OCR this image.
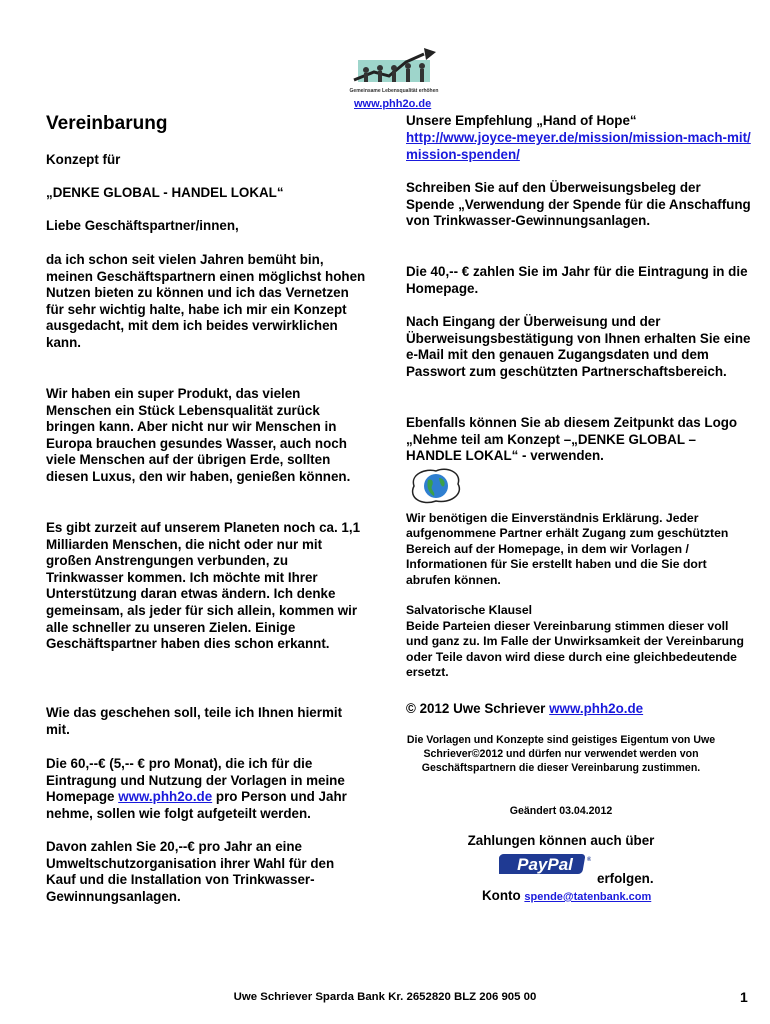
Gemeinsame Lebensqualität erhöhen
www.phh2o.de
Vereinbarung
Konzept für
„DENKE GLOBAL - HANDEL LOKAL“
Liebe Geschäftspartner/innen,

da ich schon seit vielen Jahren bemüht bin, meinen Geschäftspartnern einen möglichst hohen Nutzen bieten zu können und ich das Vernetzen für sehr wichtig halte, habe ich mir ein Konzept ausgedacht, mit dem ich beides verwirklichen kann.

Wir haben ein super Produkt, das vielen Menschen ein Stück Lebensqualität zurück bringen kann. Aber nicht nur wir Menschen in Europa brauchen gesundes Wasser, auch noch viele Menschen auf der übrigen Erde, sollten diesen Luxus, den wir haben, genießen können.

Es gibt zurzeit auf unserem Planeten noch ca. 1,1 Milliarden Menschen, die nicht oder nur mit großen Anstrengungen verbunden, zu Trinkwasser kommen. Ich möchte mit Ihrer Unterstützung daran etwas ändern. Ich denke gemeinsam, als jeder für sich allein, kommen wir alle schneller zu unseren Zielen. Einige Geschäftspartner haben dies schon erkannt.

Wie das geschehen soll, teile ich Ihnen hiermit mit.

Die 60,--€ (5,-- € pro Monat), die ich für die Eintragung und Nutzung der Vorlagen in meine Homepage www.phh2o.de pro Person und Jahr nehme, sollen wie folgt aufgeteilt werden.

Davon zahlen Sie 20,--€ pro Jahr an eine Umweltschutzorganisation ihrer Wahl für den Kauf und die Installation von Trinkwasser-Gewinnungsanlagen.

Unsere Empfehlung „Hand of Hope“
http://www.joyce-meyer.de/mission/mission-mach-mit/mission-spenden/

Schreiben Sie auf den Überweisungsbeleg der Spende „Verwendung der Spende für die Anschaffung von Trinkwasser-Gewinnungsanlagen.

Die 40,-- € zahlen Sie im Jahr für die Eintragung in die Homepage.

Nach Eingang der Überweisung und der Überweisungsbestätigung von Ihnen erhalten Sie eine e-Mail mit den genauen Zugangsdaten und dem Passwort zum geschützten Partnerschaftsbereich.

Ebenfalls können Sie ab diesem Zeitpunkt das Logo „Nehme teil am Konzept –„DENKE GLOBAL – HANDLE LOKAL“ - verwenden.

Wir benötigen die Einverständnis Erklärung. Jeder aufgenommene Partner erhält Zugang zum geschützten Bereich auf der Homepage, in dem wir Vorlagen / Informationen für Sie erstellt haben und die Sie dort abrufen können.

Salvatorische Klausel

Beide Parteien dieser Vereinbarung stimmen dieser voll und ganz zu. Im Falle der Unwirksamkeit der Vereinbarung oder Teile davon wird diese durch eine gleichbedeutende ersetzt.

© 2012 Uwe Schriever www.phh2o.de

Die Vorlagen und Konzepte sind geistiges Eigentum von Uwe Schriever©2012 und dürfen nur verwendet werden von Geschäftspartnern die dieser Vereinbarung zustimmen.

Geändert 03.04.2012
Zahlungen können auch über
PayPal ®
erfolgen.
Konto spende@tatenbank.com
Uwe Schriever Sparda Bank Kr. 2652820 BLZ 206 905 00	1
